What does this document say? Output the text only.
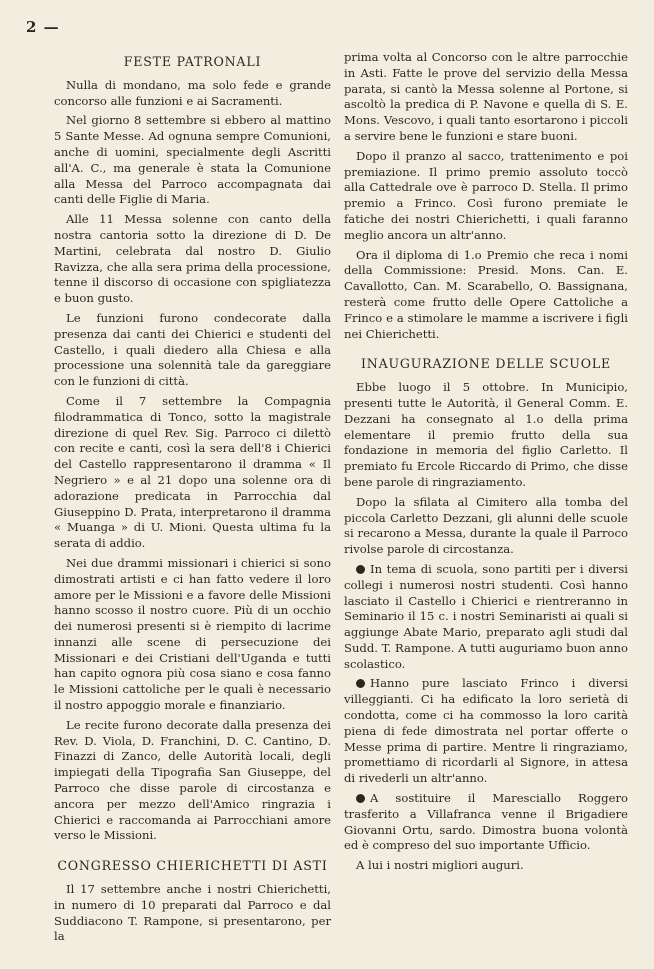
2 —
FESTE PATRONALI

Nulla di mondano, ma solo fede e grande concorso alle funzioni e ai Sacramenti.

Nel giorno 8 settembre si ebbero al mattino 5 Sante Messe. Ad ognuna sempre Comunioni, anche di uomini, specialmente degli Ascritti all'A. C., ma generale è stata la Comunione alla Messa del Parroco accompagnata dai canti delle Figlie di Maria.

Alle 11 Messa solenne con canto della nostra cantoria sotto la direzione di D. De Martini, celebrata dal nostro D. Giulio Ravizza, che alla sera prima della processione, tenne il discorso di occasione con spigliatezza e buon gusto.

Le funzioni furono condecorate dalla presenza dai canti dei Chierici e studenti del Castello, i quali diedero alla Chiesa e alla processione una solennità tale da gareggiare con le funzioni di città.

Come il 7 settembre la Compagnia filodrammatica di Tonco, sotto la magistrale direzione di quel Rev. Sig. Parroco ci dilettò con recite e canti, così la sera dell'8 i Chierici del Castello rappresentarono il dramma « Il Negriero » e al 21 dopo una solenne ora di adorazione predicata in Parrocchia dal Giuseppino D. Prata, interpretarono il dramma « Muanga » di U. Mioni. Questa ultima fu la serata di addio.

Nei due drammi missionari i chierici si sono dimostrati artisti e ci han fatto vedere il loro amore per le Missioni e a favore delle Missioni hanno scosso il nostro cuore. Più di un occhio dei numerosi presenti si è riempito di lacrime innanzi alle scene di persecuzione dei Missionari e dei Cristiani dell'Uganda e tutti han capito ognora più cosa siano e cosa fanno le Missioni cattoliche per le quali è necessario il nostro appoggio morale e finanziario.

Le recite furono decorate dalla presenza dei Rev. D. Viola, D. Franchini, D. C. Cantino, D. Finazzi di Zanco, delle Autorità locali, degli impiegati della Tipografia San Giuseppe, del Parroco che disse parole di circostanza e ancora per mezzo dell'Amico ringrazia i Chierici e raccomanda ai Parrocchiani amore verso le Missioni.

CONGRESSO CHIERICHETTI DI ASTI

Il 17 settembre anche i nostri Chierichetti, in numero di 10 preparati dal Parroco e dal Suddiacono T. Rampone, si presentarono, per la

prima volta al Concorso con le altre parrocchie in Asti. Fatte le prove del servizio della Messa parata, si cantò la Messa solenne al Portone, si ascoltò la predica di P. Navone e quella di S. E. Mons. Vescovo, i quali tanto esortarono i piccoli a servire bene le funzioni e stare buoni.

Dopo il pranzo al sacco, trattenimento e poi premiazione. Il primo premio assoluto toccò alla Cattedrale ove è parroco D. Stella. Il primo premio a Frinco. Così furono premiate le fatiche dei nostri Chierichetti, i quali faranno meglio ancora un altr'anno.

Ora il diploma di 1.o Premio che reca i nomi della Commissione: Presid. Mons. Can. E. Cavallotto, Can. M. Scarabello, O. Bassignana, resterà come frutto delle Opere Cattoliche a Frinco e a stimolare le mamme a iscrivere i figli nei Chierichetti.

INAUGURAZIONE DELLE SCUOLE

Ebbe luogo il 5 ottobre. In Municipio, presenti tutte le Autorità, il General Comm. E. Dezzani ha consegnato al 1.o della prima elementare il premio frutto della sua fondazione in memoria del figlio Carletto. Il premiato fu Ercole Riccardo di Primo, che disse bene parole di ringraziamento.

Dopo la sfilata al Cimitero alla tomba del piccola Carletto Dezzani, gli alunni delle scuole si recarono a Messa, durante la quale il Parroco rivolse parole di circostanza.

In tema di scuola, sono partiti per i diversi collegi i numerosi nostri studenti. Così hanno lasciato il Castello i Chierici e rientreranno in Seminario il 15 c. i nostri Seminaristi ai quali si aggiunge Abate Mario, preparato agli studi dal Sudd. T. Rampone. A tutti auguriamo buon anno scolastico.

Hanno pure lasciato Frinco i diversi villeggianti. Ci ha edificato la loro serietà di condotta, come ci ha commosso la loro carità piena di fede dimostrata nel portar offerte o Messe prima di partire. Mentre li ringraziamo, promettiamo di ricordarli al Signore, in attesa di rivederli un altr'anno.

A sostituire il Maresciallo Roggero trasferito a Villafranca venne il Brigadiere Giovanni Ortu, sardo. Dimostra buona volontà ed è compreso del suo importante Ufficio.

A lui i nostri migliori auguri.
